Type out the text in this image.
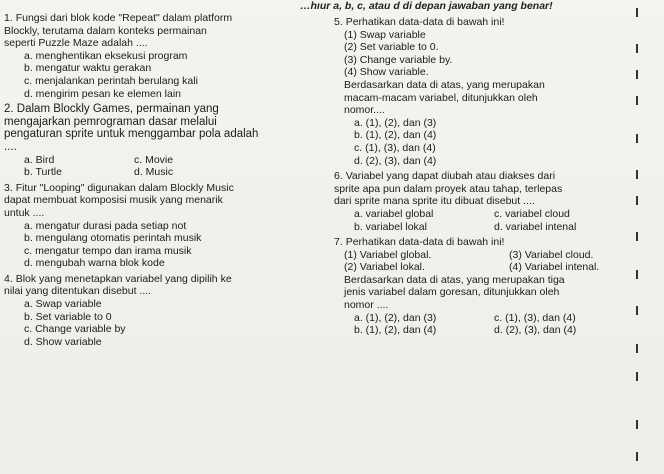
…hıur a, b, c, atau d di depan jawaban yang benar!
1. Fungsi dari blok kode "Repeat" dalam platform
Blockly, terutama dalam konteks permainan
seperti Puzzle Maze adalah ....
a. menghentikan eksekusi program
b. mengatur waktu gerakan
c. menjalankan perintah berulang kali
d. mengirim pesan ke elemen lain
2. Dalam Blockly Games, permainan yang
mengajarkan pemrograman dasar melalui
pengaturan sprite untuk menggambar pola adalah
....
a. Bird	c. Movie
b. Turtle	d. Music
3. Fitur "Looping" digunakan dalam Blockly Music
dapat membuat komposisi musik yang menarik
untuk ....
a. mengatur durasi pada setiap not
b. mengulang otomatis perintah musik
c. mengatur tempo dan irama musik
d. mengubah warna blok kode
4. Blok yang menetapkan variabel yang dipilih ke
nilai yang ditentukan disebut ....
a. Swap variable
b. Set variable to 0
c. Change variable by
d. Show variable
5. Perhatikan data-data di bawah ini!
(1) Swap variable
(2) Set variable to 0.
(3) Change variable by.
(4) Show variable.
Berdasarkan data di atas, yang merupakan
macam-macam variabel, ditunjukkan oleh
nomor....
a. (1), (2), dan (3)
b. (1), (2), dan (4)
c. (1), (3), dan (4)
d. (2), (3), dan (4)
6. Variabel yang dapat diubah atau diakses dari
sprite apa pun dalam proyek atau tahap, terlepas
dari sprite mana sprite itu dibuat disebut ....
a. variabel global	c. variabel cloud
b. variabel lokal	d. variabel intenal
7. Perhatikan data-data di bawah ini!
(1) Variabel global.	(3) Variabel cloud.
(2) Variabel lokal.	(4) Variabel intenal.
Berdasarkan data di atas, yang merupakan tiga
jenis variabel dalam goresan, ditunjukkan oleh
nomor ....
a. (1), (2), dan (3)	c. (1), (3), dan (4)
b. (1), (2), dan (4)	d. (2), (3), dan (4)
